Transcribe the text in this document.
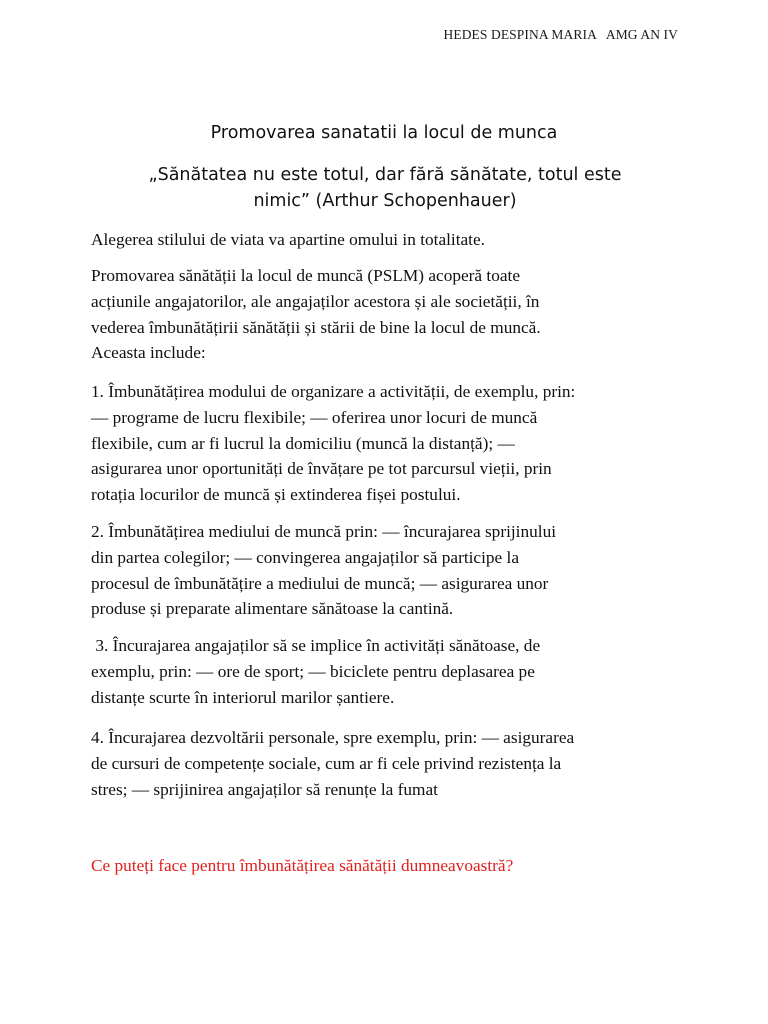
HEDES DESPINA MARIA   AMG AN IV
Promovarea sanatatii la locul de munca
„Sănătatea nu este totul, dar fără sănătate, totul este
nimic” (Arthur Schopenhauer)
Alegerea stilului de viata va apartine omului in totalitate.
Promovarea sănătății la locul de muncă (PSLM) acoperă toate
acțiunile angajatorilor, ale angajaților acestora și ale societății, în
vederea îmbunătățirii sănătății și stării de bine la locul de muncă.
Aceasta include:
1. Îmbunătățirea modului de organizare a activității, de exemplu, prin:
— programe de lucru flexibile; — oferirea unor locuri de muncă
flexibile, cum ar fi lucrul la domiciliu (muncă la distanță); —
asigurarea unor oportunități de învățare pe tot parcursul vieții, prin
rotația locurilor de muncă și extinderea fișei postului.
2. Îmbunătățirea mediului de muncă prin: — încurajarea sprijinului
din partea colegilor; — convingerea angajaților să participe la
procesul de îmbunătățire a mediului de muncă; — asigurarea unor
produse și preparate alimentare sănătoase la cantină.
3. Încurajarea angajaților să se implice în activități sănătoase, de
exemplu, prin: — ore de sport; — biciclete pentru deplasarea pe
distanțe scurte în interiorul marilor șantiere.
4. Încurajarea dezvoltării personale, spre exemplu, prin: — asigurarea
de cursuri de competențe sociale, cum ar fi cele privind rezistența la
stres; — sprijinirea angajaților să renunțe la fumat
Ce puteți face pentru îmbunătățirea sănătății dumneavoastră?
